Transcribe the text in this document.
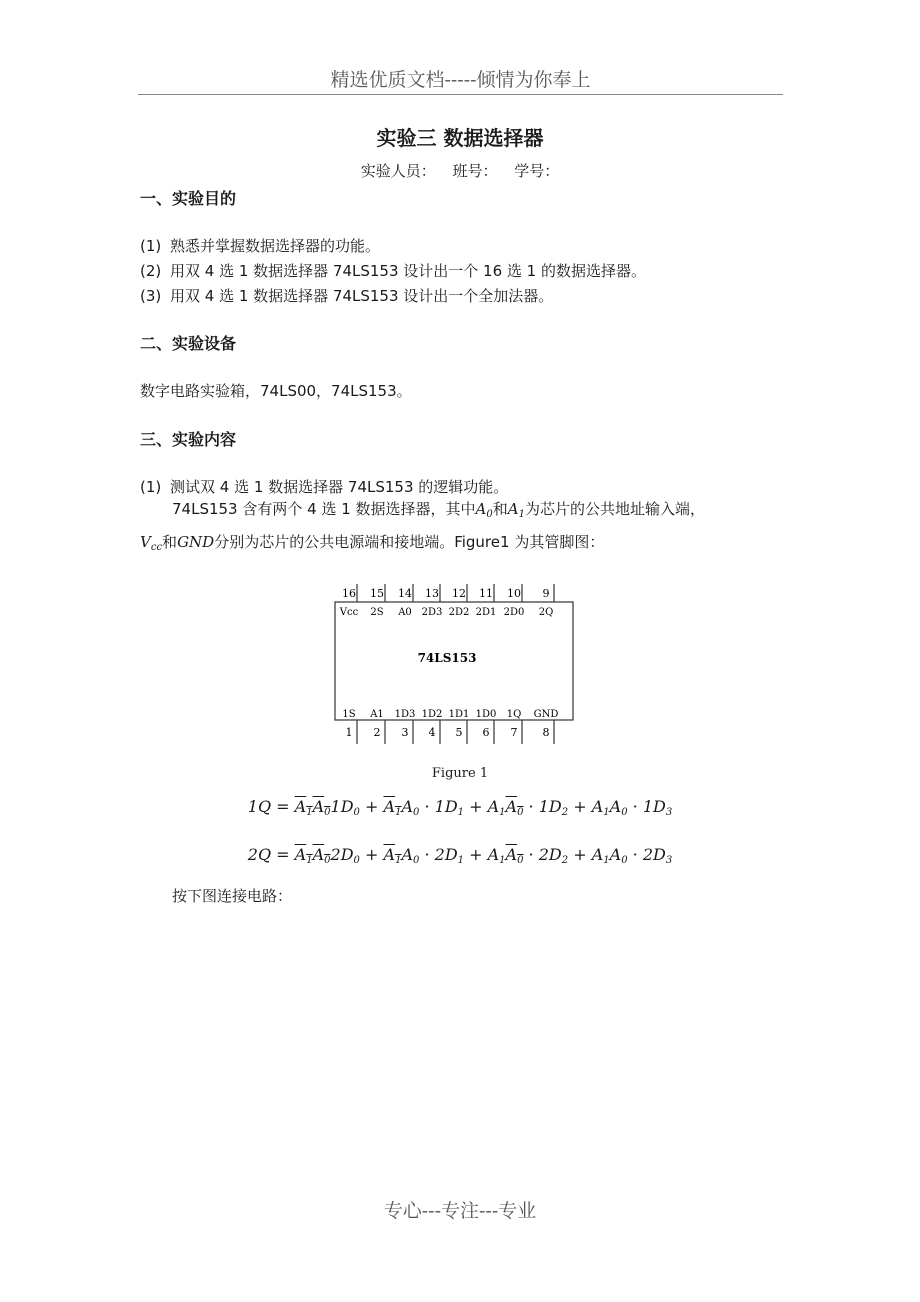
精选优质文档-----倾情为你奉上
实验三 数据选择器
实验人员： 班号： 学号：
一、实验目的
(1) 熟悉并掌握数据选择器的功能。
(2) 用双 4 选 1 数据选择器 74LS153 设计出一个 16 选 1 的数据选择器。
(3) 用双 4 选 1 数据选择器 74LS153 设计出一个全加法器。
二、实验设备
数字电路实验箱，74LS00，74LS153。
三、实验内容
(1) 测试双 4 选 1 数据选择器 74LS153 的逻辑功能。
74LS153 含有两个 4 选 1 数据选择器，其中$A_0$和$A_1$为芯片的公共地址输入端，
$V_{cc}$和GND分别为芯片的公共电源端和接地端。Figure1 为其管脚图：
16
Vcc
15
2S
14
A0
13
2D3
12
2D2
11
2D1
10
2D0
9
2Q
1
1S
2
A1
3
1D3
4
1D2
5
1D1
6
1D0
7
1Q
8
GND
74LS153
Figure 1
$1Q = A_1A_01D_0 + A_1A_0 \cdot 1D_1 + A_1A_0 \cdot 1D_2 + A_1A_0 \cdot 1D_3$
$2Q = A_1A_02D_0 + A_1A_0 \cdot 2D_1 + A_1A_0 \cdot 2D_2 + A_1A_0 \cdot 2D_3$
按下图连接电路：
专心---专注---专业
